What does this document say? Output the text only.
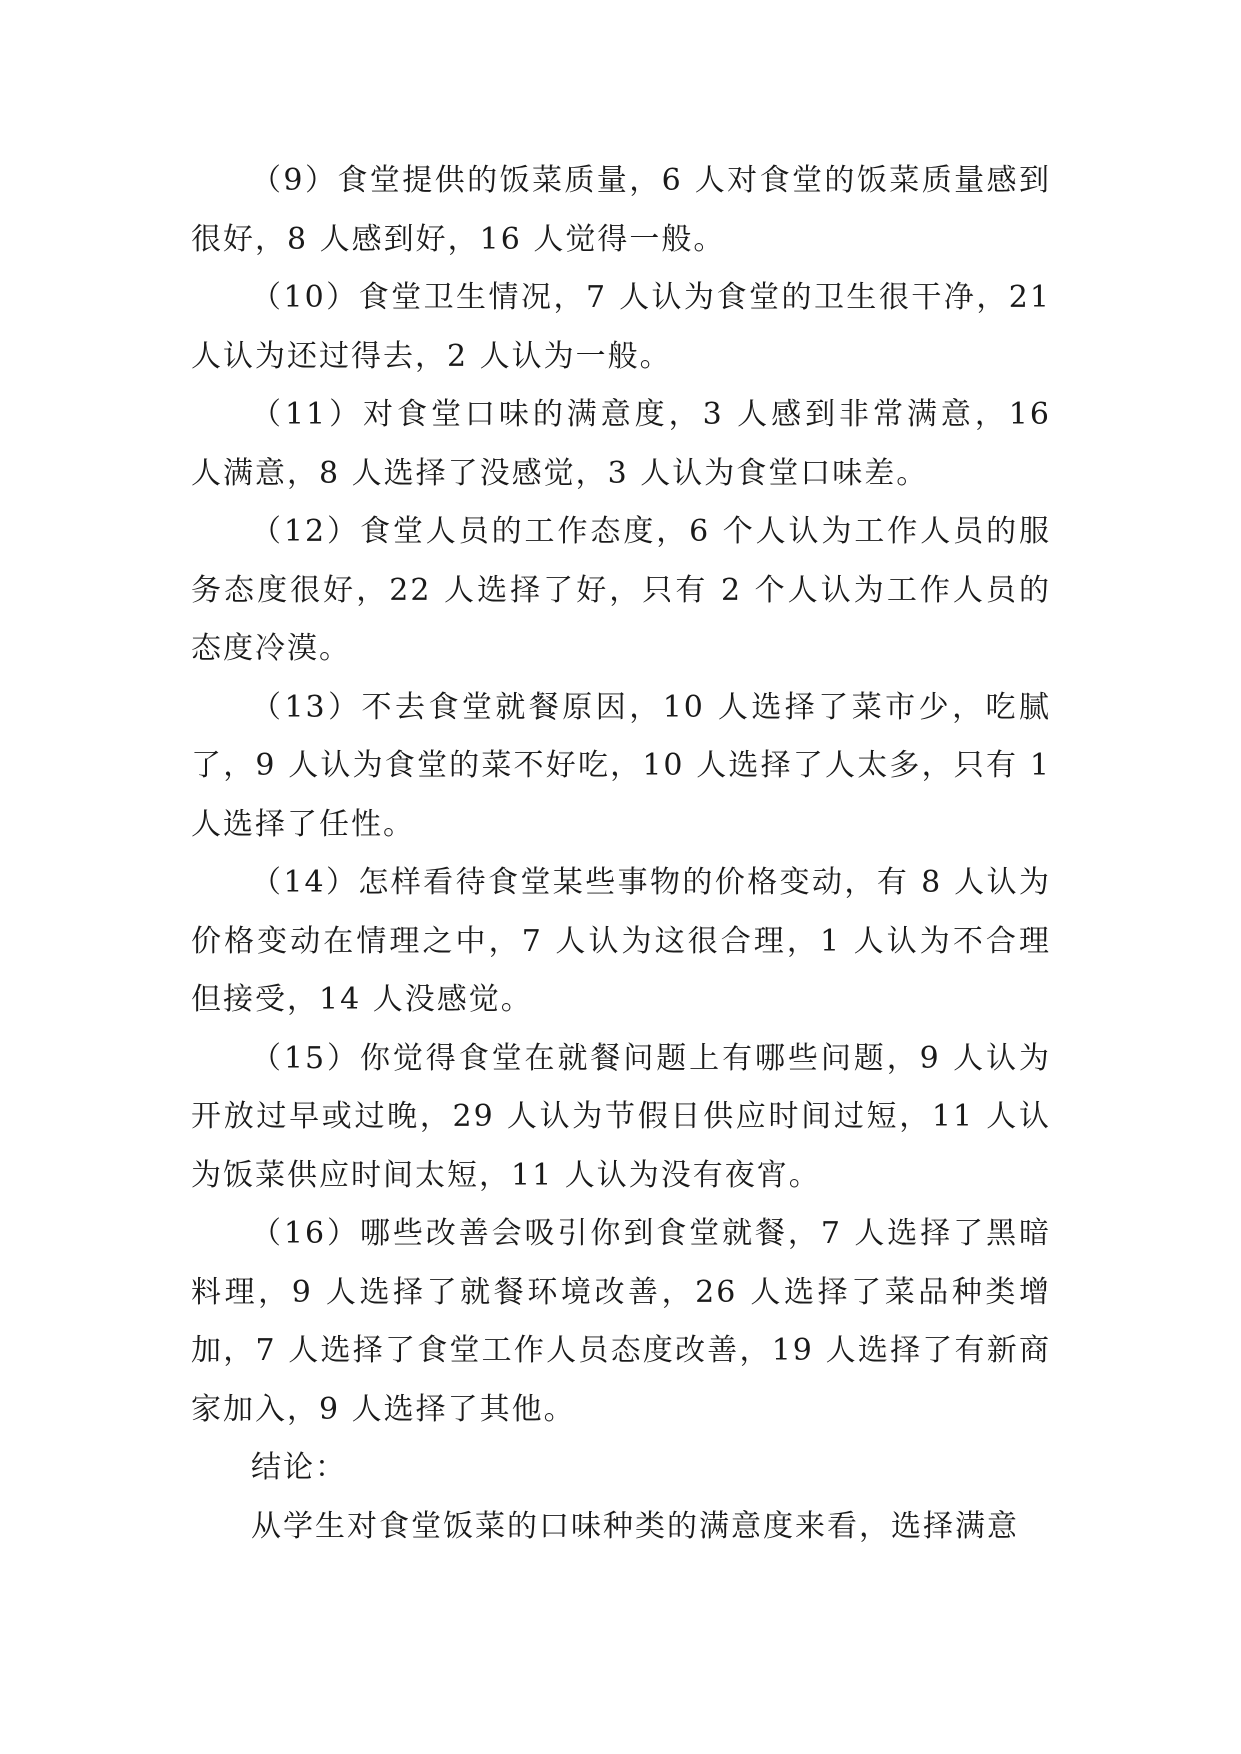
（9）食堂提供的饭菜质量，6 人对食堂的饭菜质量感到很好，8 人感到好，16 人觉得一般。

（10）食堂卫生情况，7 人认为食堂的卫生很干净，21 人认为还过得去，2 人认为一般。

（11）对食堂口味的满意度，3 人感到非常满意，16 人满意，8 人选择了没感觉，3 人认为食堂口味差。

（12）食堂人员的工作态度，6 个人认为工作人员的服务态度很好，22 人选择了好，只有 2 个人认为工作人员的态度冷漠。

（13）不去食堂就餐原因，10 人选择了菜市少，吃腻了，9 人认为食堂的菜不好吃，10 人选择了人太多，只有 1 人选择了任性。

（14）怎样看待食堂某些事物的价格变动，有 8 人认为价格变动在情理之中，7 人认为这很合理，1 人认为不合理但接受，14 人没感觉。

（15）你觉得食堂在就餐问题上有哪些问题，9 人认为开放过早或过晚，29 人认为节假日供应时间过短，11 人认为饭菜供应时间太短，11 人认为没有夜宵。

（16）哪些改善会吸引你到食堂就餐，7 人选择了黑暗料理，9 人选择了就餐环境改善，26 人选择了菜品种类增加，7 人选择了食堂工作人员态度改善，19 人选择了有新商家加入，9 人选择了其他。

结论：

从学生对食堂饭菜的口味种类的满意度来看，选择满意
